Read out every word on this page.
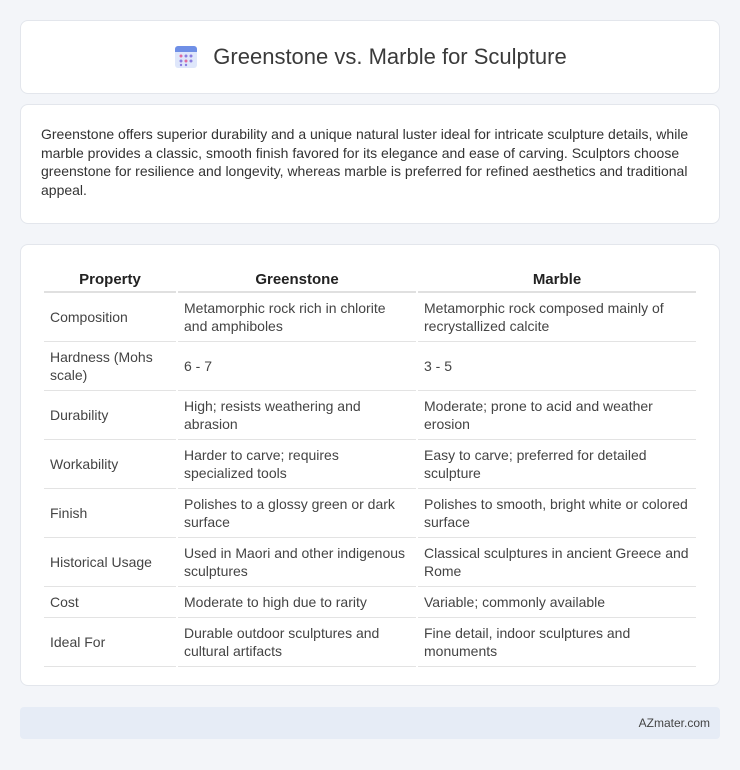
Greenstone vs. Marble for Sculpture

Greenstone offers superior durability and a unique natural luster ideal for intricate sculpture details, while marble provides a classic, smooth finish favored for its elegance and ease of carving. Sculptors choose greenstone for resilience and longevity, whereas marble is preferred for refined aesthetics and traditional appeal.

Property	Greenstone	Marble
Composition	Metamorphic rock rich in chlorite and amphiboles	Metamorphic rock composed mainly of recrystallized calcite
Hardness (Mohs scale)	6 - 7	3 - 5
Durability	High; resists weathering and abrasion	Moderate; prone to acid and weather erosion
Workability	Harder to carve; requires specialized tools	Easy to carve; preferred for detailed sculpture
Finish	Polishes to a glossy green or dark surface	Polishes to smooth, bright white or colored surface
Historical Usage	Used in Maori and other indigenous sculptures	Classical sculptures in ancient Greece and Rome
Cost	Moderate to high due to rarity	Variable; commonly available
Ideal For	Durable outdoor sculptures and cultural artifacts	Fine detail, indoor sculptures and monuments
AZmater.com
